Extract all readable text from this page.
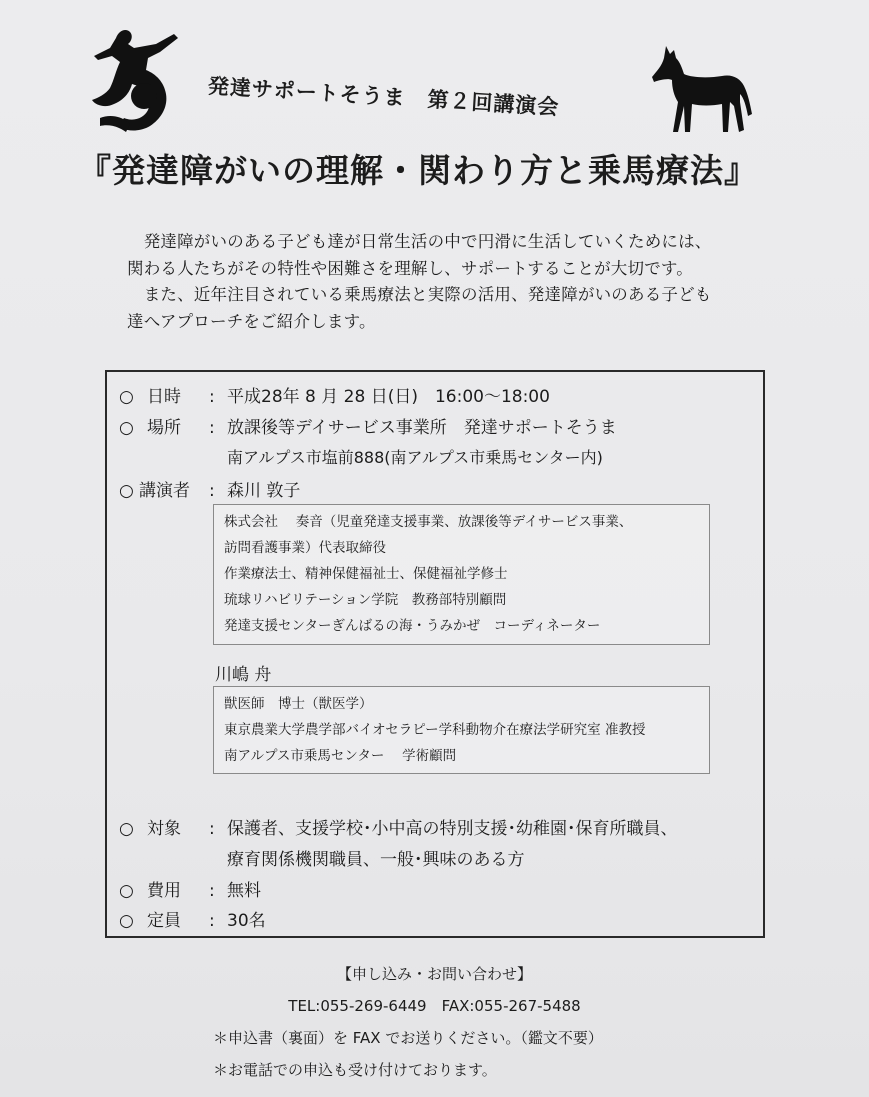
発達サポートそうま　第２回講演会
『発達障がいの理解・関わり方と乗馬療法』

　発達障がいのある子ども達が日常生活の中で円滑に生活していくためには、

関わる人たちがその特性や困難さを理解し、サポートすることが大切です。

　また、近年注目されている乗馬療法と実際の活用、発達障がいのある子ども

達へアプローチをご紹介します。

○ 日時 : 平成28年 8 月 28 日(日)　16:00～18:00
○ 場所 : 放課後等デイサービス事業所　発達サポートそうま
南アルプス市塩前888(南アルプス市乗馬センター内)
○ 講演者 : 森川 敦子

株式会社　 奏音（児童発達支援事業、放課後等デイサービス事業、

訪問看護事業）代表取締役

作業療法士、精神保健福祉士、保健福祉学修士

琉球リハビリテーション学院　教務部特別顧問

発達支援センターぎんばるの海・うみかぜ　コーディネーター

川嶋 舟

獣医師　博士（獣医学）

東京農業大学農学部バイオセラピー学科動物介在療法学研究室 准教授

南アルプス市乗馬センター　 学術顧問

○ 対象 : 保護者、支援学校･小中高の特別支援･幼稚園･保育所職員、
療育関係機関職員、一般･興味のある方
○ 費用 : 無料
○ 定員 : 30名

【申し込み・お問い合わせ】

TEL:055-269-6449　FAX:055-267-5488

＊申込書（裏面）を FAX でお送りください。（鑑文不要）

＊お電話での申込も受け付けております。
